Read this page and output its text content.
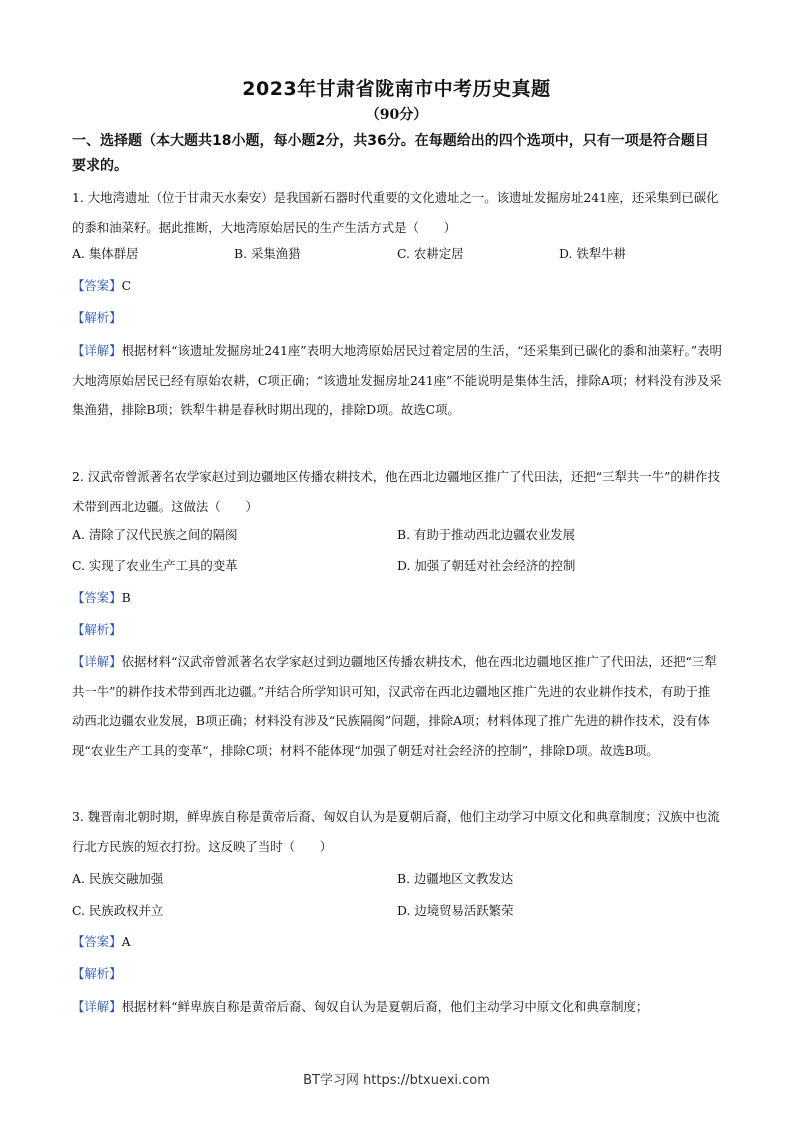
2023年甘肃省陇南市中考历史真题
（90分）
一、选择题（本大题共18小题，每小题2分，共36分。在每题给出的四个选项中，只有一项是符合题目要求的。
1. 大地湾遗址（位于甘肃天水秦安）是我国新石器时代重要的文化遗址之一。该遗址发掘房址241座，还采集到已碳化的黍和油菜籽。据此推断，大地湾原始居民的生产生活方式是（　　）
A. 集体群居	B. 采集渔猎	C. 农耕定居	D. 铁犁牛耕
【答案】C
【解析】
【详解】根据材料“该遗址发掘房址241座”表明大地湾原始居民过着定居的生活，“还采集到已碳化的黍和油菜籽。”表明大地湾原始居民已经有原始农耕，C项正确；“该遗址发掘房址241座”不能说明是集体生活，排除A项；材料没有涉及采集渔猎，排除B项；铁犁牛耕是春秋时期出现的，排除D项。故选C项。
2. 汉武帝曾派著名农学家赵过到边疆地区传播农耕技术，他在西北边疆地区推广了代田法，还把“三犁共一牛”的耕作技术带到西北边疆。这做法（　　）
A. 清除了汉代民族之间的隔阂	B. 有助于推动西北边疆农业发展
C. 实现了农业生产工具的变革	D. 加强了朝廷对社会经济的控制
【答案】B
【解析】
【详解】依据材料“汉武帝曾派著名农学家赵过到边疆地区传播农耕技术，他在西北边疆地区推广了代田法，还把“三犁共一牛”的耕作技术带到西北边疆。”并结合所学知识可知，汉武帝在西北边疆地区推广先进的农业耕作技术，有助于推动西北边疆农业发展，B项正确；材料没有涉及“民族隔阂”问题，排除A项；材料体现了推广先进的耕作技术，没有体现“农业生产工具的变革“，排除C项；材料不能体现“加强了朝廷对社会经济的控制”，排除D项。故选B项。
3. 魏晋南北朝时期，鲜卑族自称是黄帝后裔、匈奴自认为是夏朝后裔，他们主动学习中原文化和典章制度；汉族中也流行北方民族的短衣打扮。这反映了当时（　　）
A. 民族交融加强	B. 边疆地区文教发达
C. 民族政权并立	D. 边境贸易活跃繁荣
【答案】A
【解析】
【详解】根据材料“鲜卑族自称是黄帝后裔、匈奴自认为是夏朝后裔，他们主动学习中原文化和典章制度；
BT学习网 https://btxuexi.com
